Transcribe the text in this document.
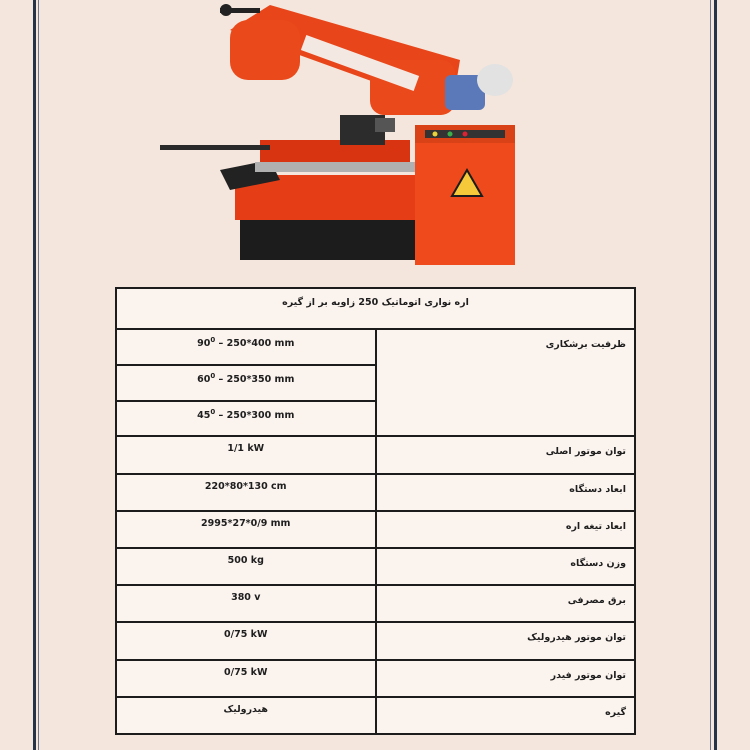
اره نواری اتوماتیک 250 زاویه بر از گیره	
ظرفیت برشکاری	$90^0 - 250*400$ mm
	$60^0 - 250*350$ mm
	$45^0 - 250*300$ mm
توان موتور اصلی	1/1 kW
ابعاد دستگاه	220*80*130 cm
ابعاد تیغه اره	2995*27*0/9 mm
وزن دستگاه	500 kg
برق مصرفی	380 v
توان موتور هیدرولیک	0/75 kW
توان موتور فیدر	0/75 kW
گیره	هیدرولیک
